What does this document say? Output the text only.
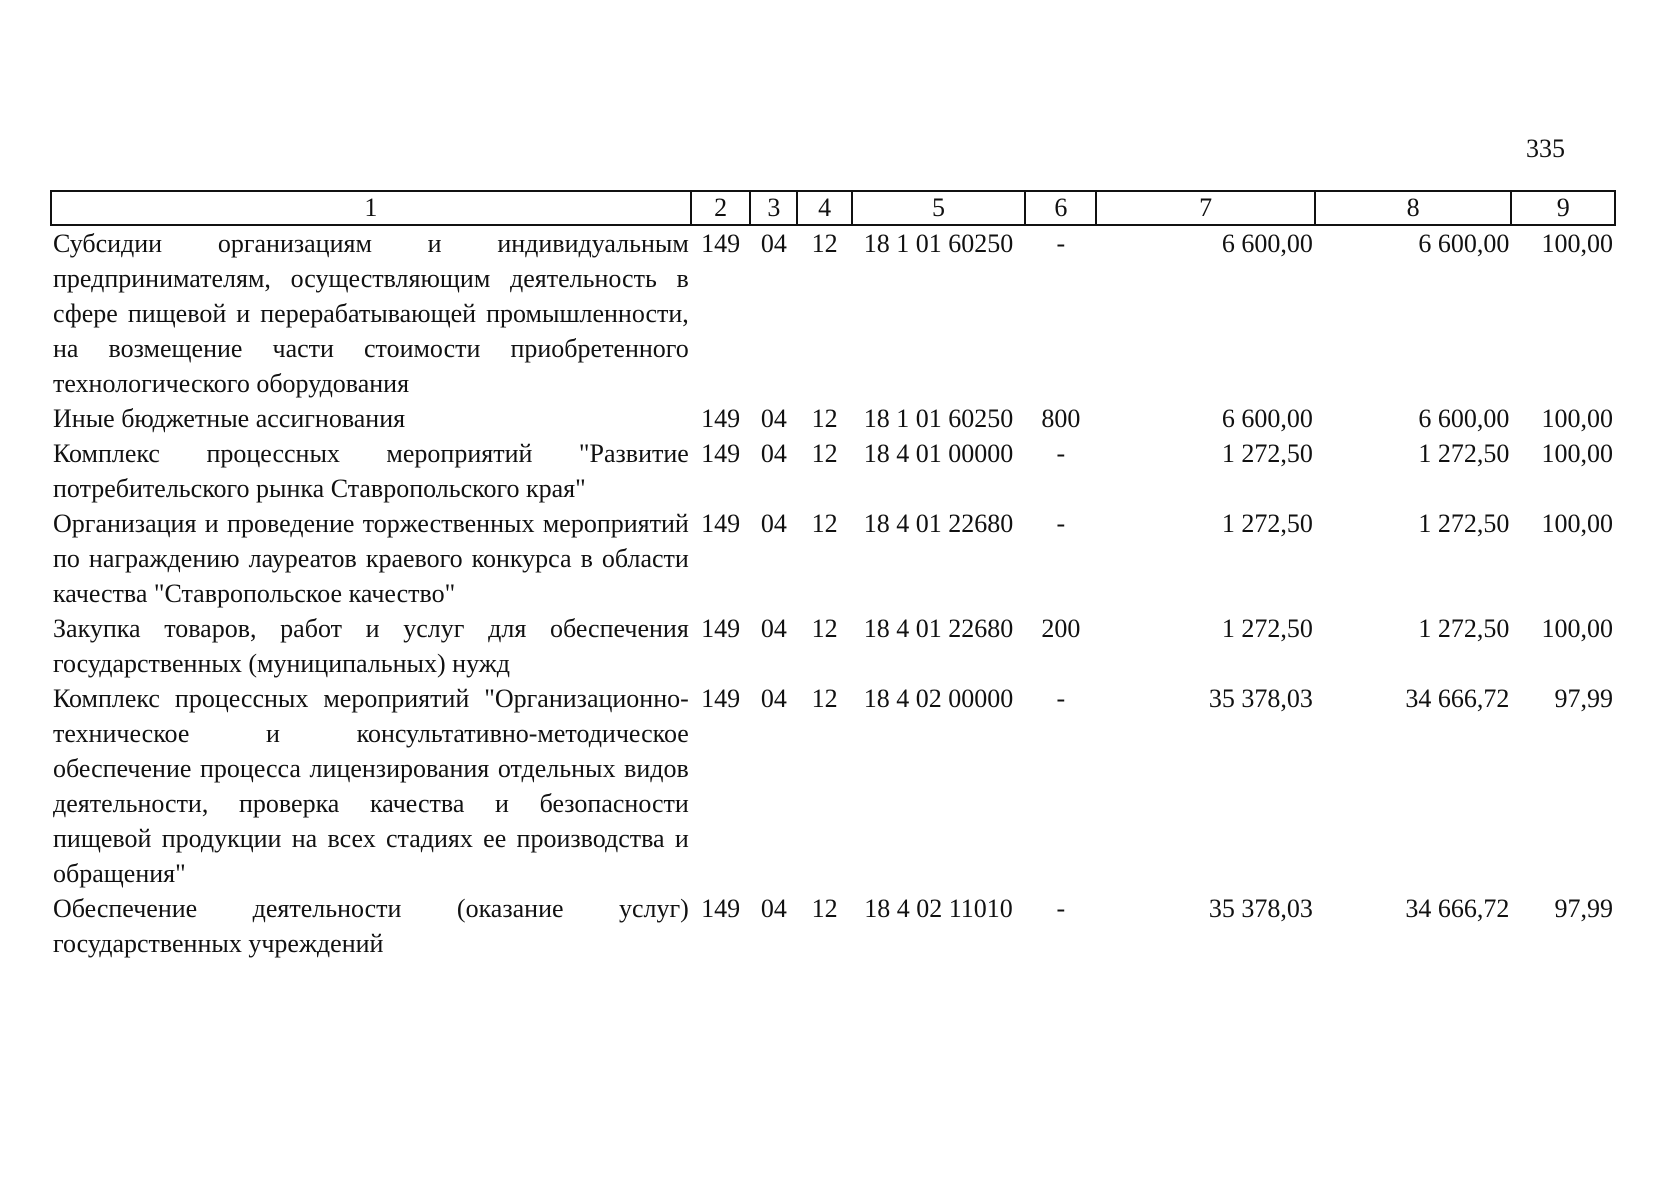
335
1	2	3	4	5	6	7	8	9
Субсидии организациям и индивидуальным предпринимателям, осуществляющим деятельность в сфере пищевой и перерабатывающей промышленности, на возмещение части стоимости приобретенного технологического оборудования	149	04	12	18 1 01 60250	-	6 600,00	6 600,00	100,00
Иные бюджетные ассигнования	149	04	12	18 1 01 60250	800	6 600,00	6 600,00	100,00
Комплекс процессных мероприятий "Развитие потребительского рынка Ставропольского края"	149	04	12	18 4 01 00000	-	1 272,50	1 272,50	100,00
Организация и проведение торжественных мероприятий по награждению лауреатов краевого конкурса в области качества "Ставропольское качество"	149	04	12	18 4 01 22680	-	1 272,50	1 272,50	100,00
Закупка товаров, работ и услуг для обеспечения государственных (муниципальных) нужд	149	04	12	18 4 01 22680	200	1 272,50	1 272,50	100,00
Комплекс процессных мероприятий "Организационно-техническое и консультативно-методическое обеспечение процесса лицензирования отдельных видов деятельности, проверка качества и безопасности пищевой продукции на всех стадиях ее производства и обращения"	149	04	12	18 4 02 00000	-	35 378,03	34 666,72	97,99
Обеспечение деятельности (оказание услуг) государственных учреждений	149	04	12	18 4 02 11010	-	35 378,03	34 666,72	97,99
